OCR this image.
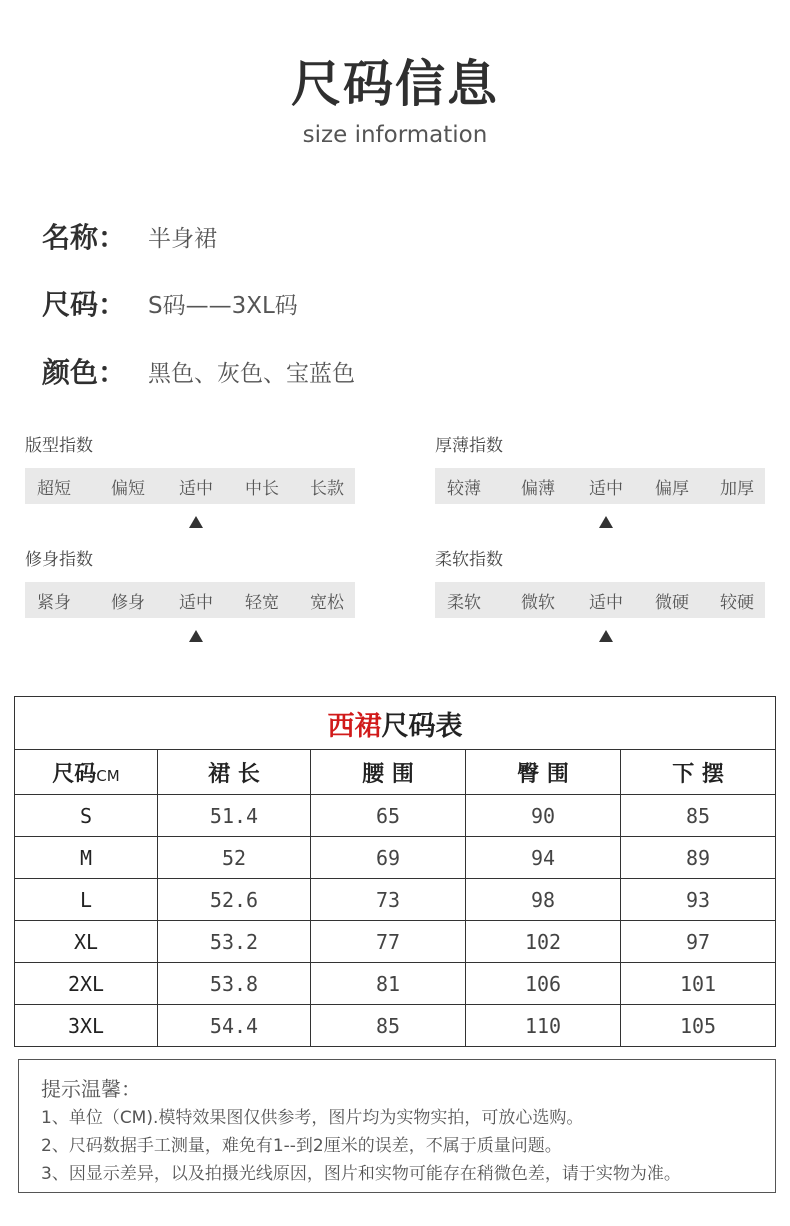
尺码信息
size information
名称： 半身裙
尺码： S码——3XL码
颜色： 黑色、灰色、宝蓝色
版型指数
超短 偏短 适中 中长 长款
厚薄指数
较薄 偏薄 适中 偏厚 加厚
修身指数
紧身 修身 适中 轻宽 宽松
柔软指数
柔软 微软 适中 微硬 较硬
西裙尺码表				
尺码CM	裙 长	腰 围	臀 围	下 摆
S	51.4	65	90	85
M	52	69	94	89
L	52.6	73	98	93
XL	53.2	77	102	97
2XL	53.8	81	106	101
3XL	54.4	85	110	105
提示温馨：
1、单位（CM).模特效果图仅供参考，图片均为实物实拍，可放心选购。
2、尺码数据手工测量，难免有1--到2厘米的误差，不属于质量问题。
3、因显示差异，以及拍摄光线原因，图片和实物可能存在稍微色差，请于实物为准。
